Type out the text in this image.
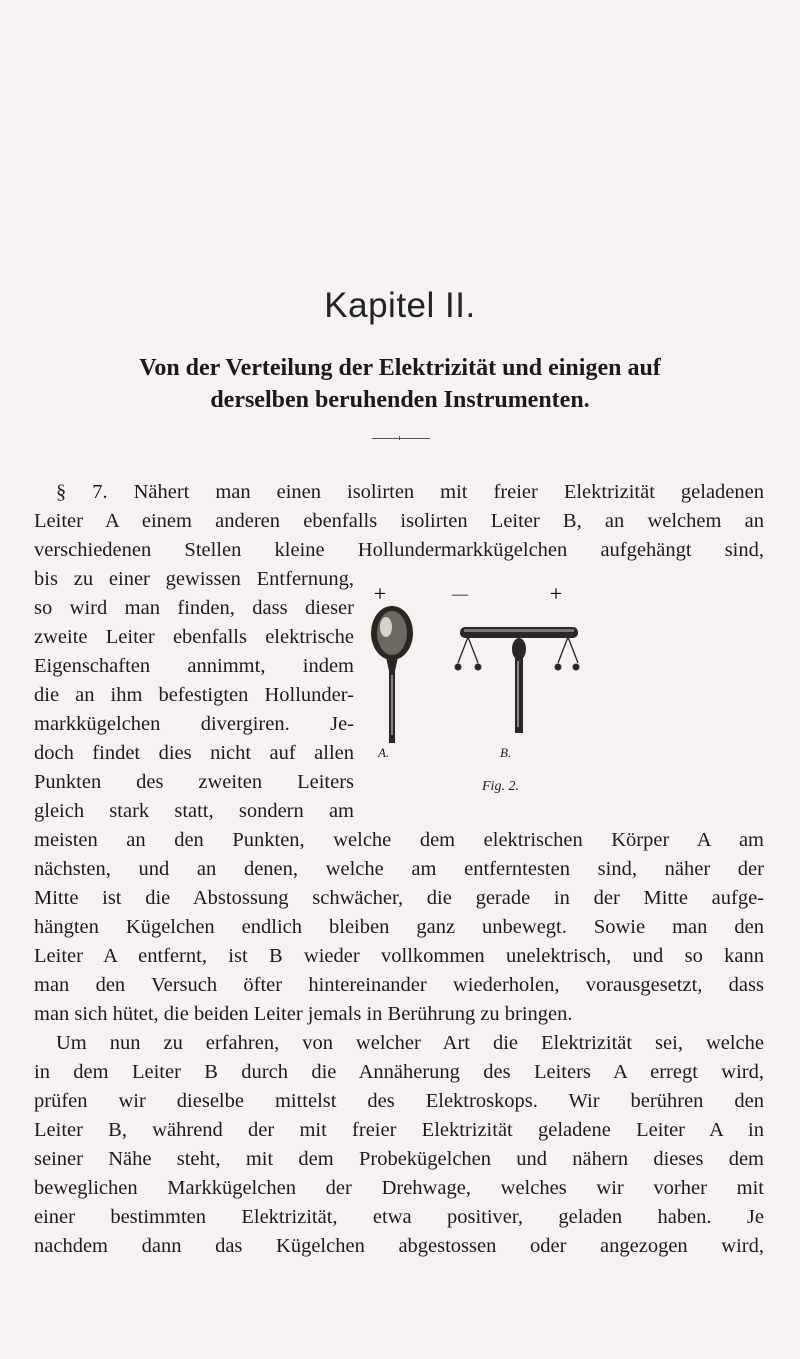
Kapitel II.
Von der Verteilung der Elektrizität und einigen auf
derselben beruhenden Instrumenten.
§ 7. Nähert man einen isolirten mit freier Elektrizität geladenen
Leiter A einem anderen ebenfalls isolirten Leiter B, an welchem an
verschiedenen Stellen kleine Hollundermarkkügelchen aufgehängt sind,
bis zu einer gewissen Entfernung,
so wird man finden, dass dieser
zweite Leiter ebenfalls elektrische
Eigenschaften annimmt, indem
die an ihm befestigten Hollunder-
markkügelchen divergiren. Je-
doch findet dies nicht auf allen
Punkten des zweiten Leiters
gleich stark statt, sondern am
+	—	+
A.	B.
Fig. 2.
meisten an den Punkten, welche dem elektrischen Körper A am
nächsten, und an denen, welche am entferntesten sind, näher der
Mitte ist die Abstossung schwächer, die gerade in der Mitte aufge-
hängten Kügelchen endlich bleiben ganz unbewegt. Sowie man den
Leiter A entfernt, ist B wieder vollkommen unelektrisch, und so kann
man den Versuch öfter hintereinander wiederholen, vorausgesetzt, dass
man sich hütet, die beiden Leiter jemals in Berührung zu bringen.
Um nun zu erfahren, von welcher Art die Elektrizität sei, welche
in dem Leiter B durch die Annäherung des Leiters A erregt wird,
prüfen wir dieselbe mittelst des Elektroskops. Wir berühren den
Leiter B, während der mit freier Elektrizität geladene Leiter A in
seiner Nähe steht, mit dem Probekügelchen und nähern dieses dem
beweglichen Markkügelchen der Drehwage, welches wir vorher mit
einer bestimmten Elektrizität, etwa positiver, geladen haben. Je
nachdem dann das Kügelchen abgestossen oder angezogen wird,
